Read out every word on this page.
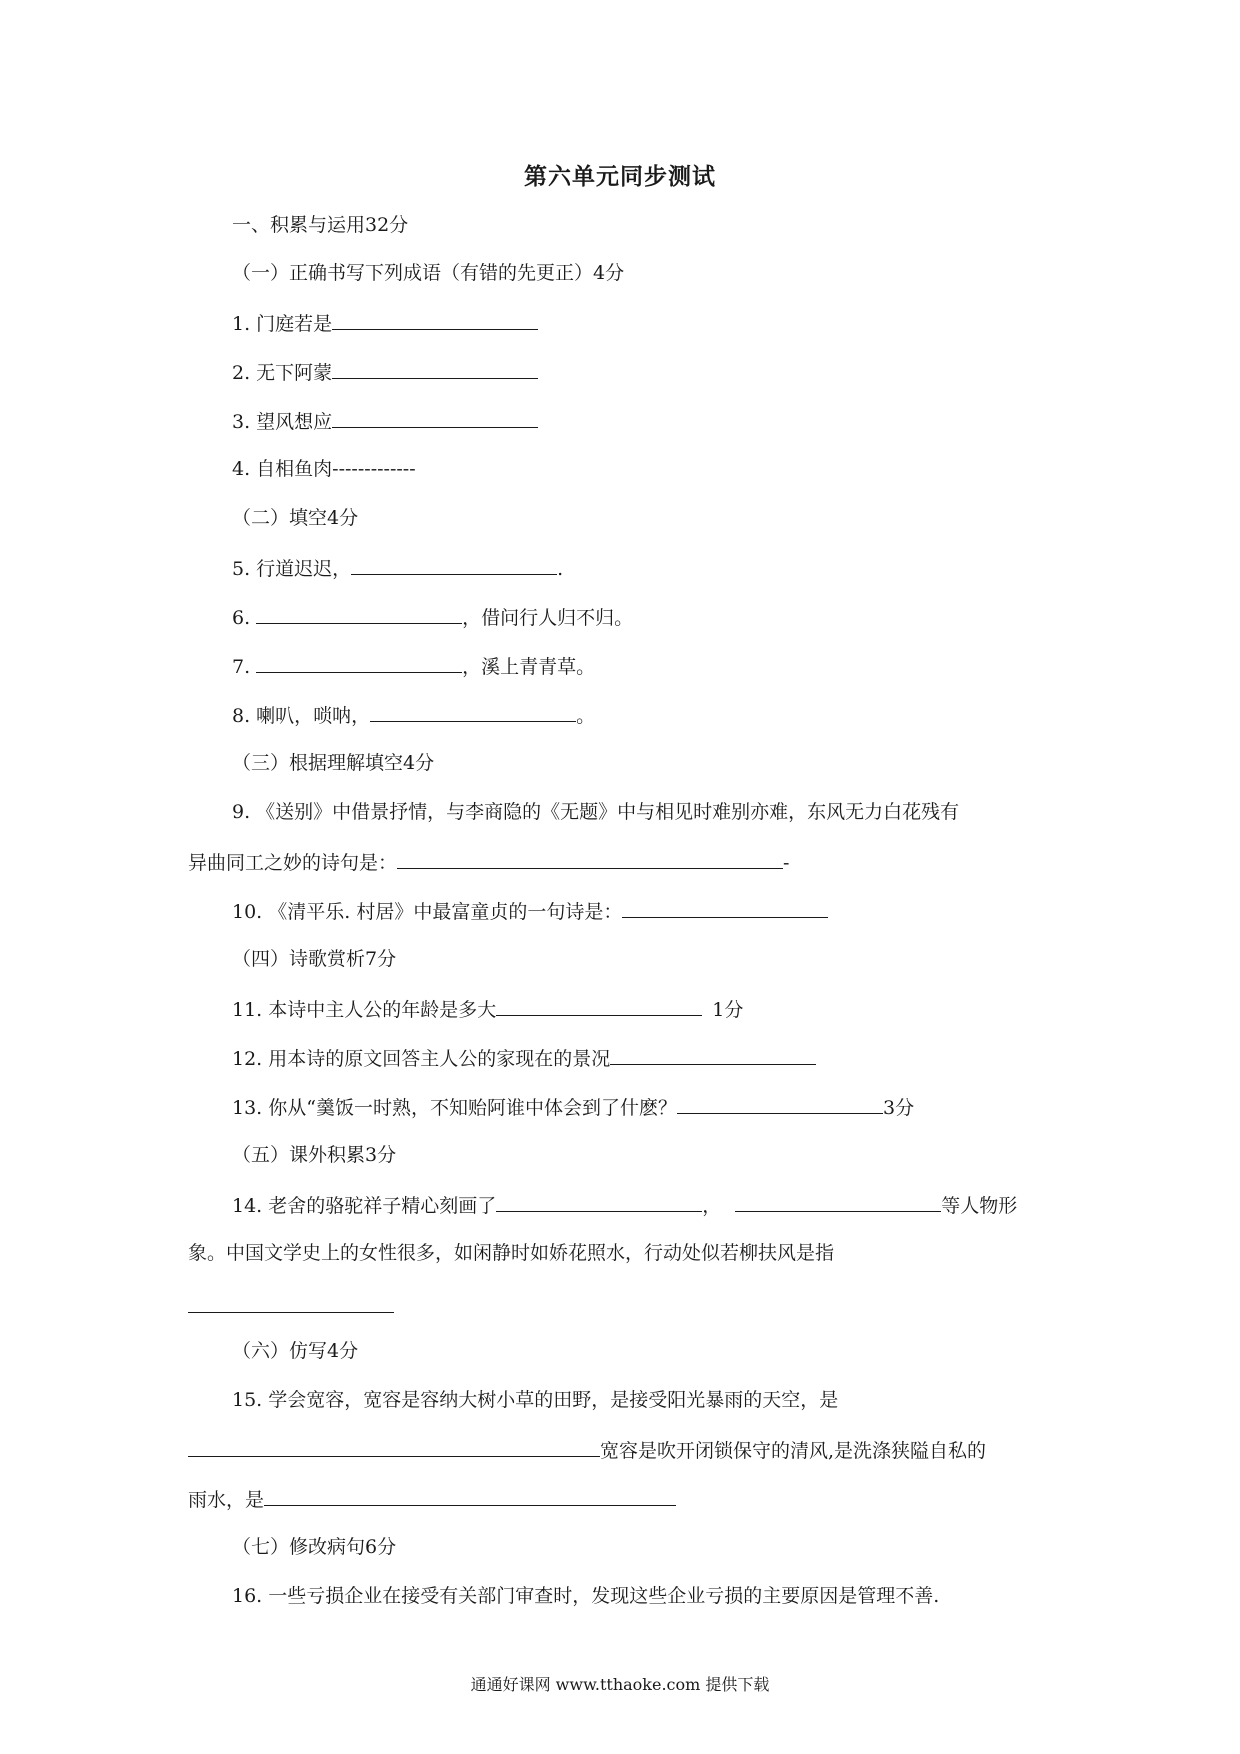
第六单元同步测试
一、积累与运用32分
（一）正确书写下列成语（有错的先更正）4分
1. 门庭若是
2. 无下阿蒙
3. 望风想应
4. 自相鱼肉-------------
（二）填空4分
5. 行道迟迟，	.
6.	，借问行人归不归。
7.	，溪上青青草。
8. 喇叭，唢呐，	。
（三）根据理解填空4分
9. 《送别》中借景抒情，与李商隐的《无题》中与相见时难别亦难，东风无力白花残有
异曲同工之妙的诗句是：	-
10. 《清平乐. 村居》中最富童贞的一句诗是：
（四）诗歌赏析7分
11. 本诗中主人公的年龄是多大	1分
12. 用本诗的原文回答主人公的家现在的景况
13. 你从“羹饭一时熟，不知贻阿谁中体会到了什麽？	3分
（五）课外积累3分
14. 老舍的骆驼祥子精心刻画了	，	等人物形
象。中国文学史上的女性很多，如闲静时如娇花照水，行动处似若柳扶风是指
（六）仿写4分
15. 学会宽容，宽容是容纳大树小草的田野，是接受阳光暴雨的天空，是
宽容是吹开闭锁保守的清风,是洗涤狭隘自私的
雨水，是
（七）修改病句6分
16. 一些亏损企业在接受有关部门审查时，发现这些企业亏损的主要原因是管理不善.
通通好课网 www.tthaoke.com 提供下载
